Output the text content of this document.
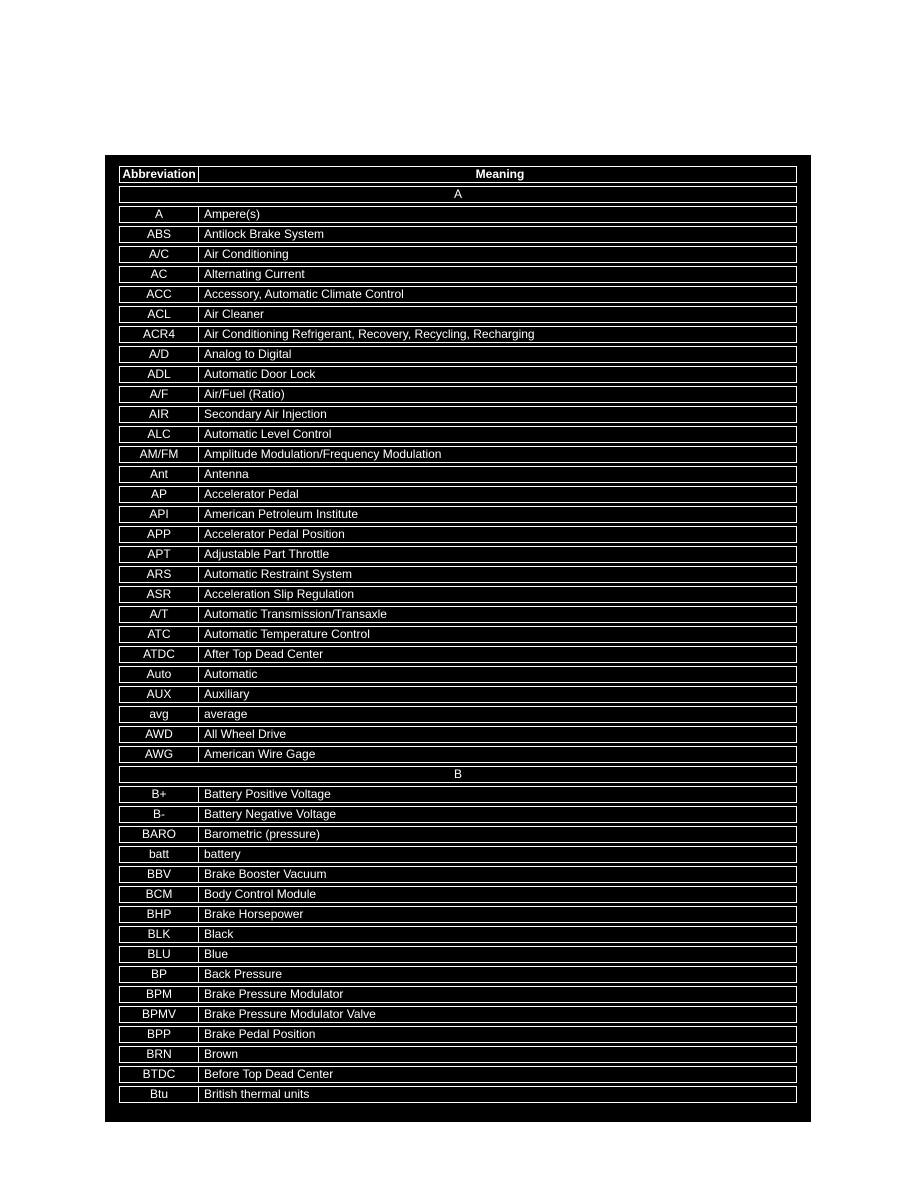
Abbreviation	Meaning
A
A	Ampere(s)
ABS	Antilock Brake System
A/C	Air Conditioning
AC	Alternating Current
ACC	Accessory, Automatic Climate Control
ACL	Air Cleaner
ACR4	Air Conditioning Refrigerant, Recovery, Recycling, Recharging
A/D	Analog to Digital
ADL	Automatic Door Lock
A/F	Air/Fuel (Ratio)
AIR	Secondary Air Injection
ALC	Automatic Level Control
AM/FM	Amplitude Modulation/Frequency Modulation
Ant	Antenna
AP	Accelerator Pedal
API	American Petroleum Institute
APP	Accelerator Pedal Position
APT	Adjustable Part Throttle
ARS	Automatic Restraint System
ASR	Acceleration Slip Regulation
A/T	Automatic Transmission/Transaxle
ATC	Automatic Temperature Control
ATDC	After Top Dead Center
Auto	Automatic
AUX	Auxiliary
avg	average
AWD	All Wheel Drive
AWG	American Wire Gage
B
B+	Battery Positive Voltage
B-	Battery Negative Voltage
BARO	Barometric (pressure)
batt	battery
BBV	Brake Booster Vacuum
BCM	Body Control Module
BHP	Brake Horsepower
BLK	Black
BLU	Blue
BP	Back Pressure
BPM	Brake Pressure Modulator
BPMV	Brake Pressure Modulator Valve
BPP	Brake Pedal Position
BRN	Brown
BTDC	Before Top Dead Center
Btu	British thermal units
